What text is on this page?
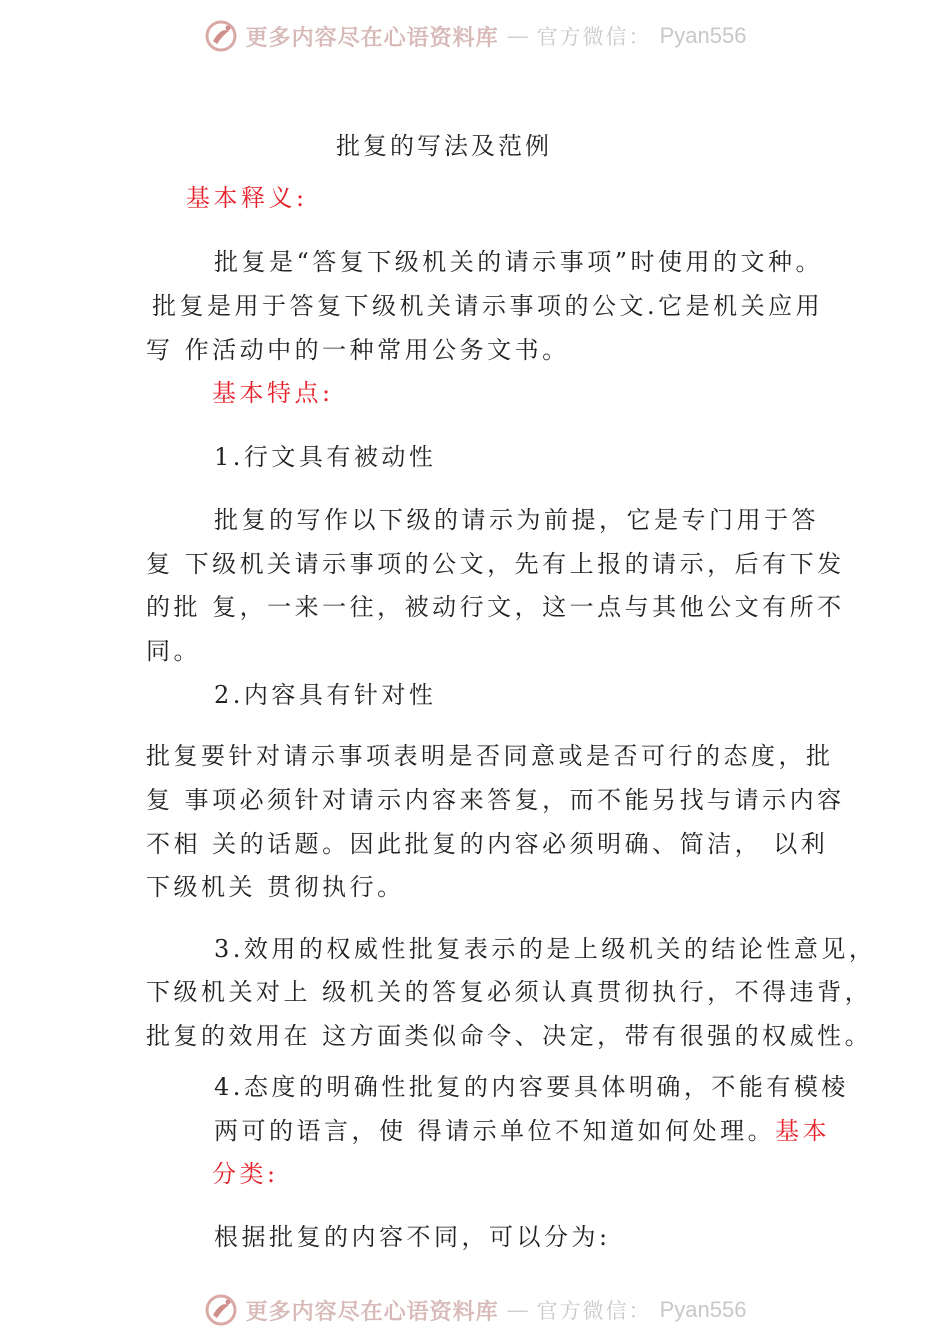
更多内容尽在心语资料库 — 官方微信： Pyan556
批复的写法及范例
基本释义:
批复是“答复下级机关的请示事项”时使用的文种。
批复是用于答复下级机关请示事项的公文.它是机关应用
写 作活动中的一种常用公务文书。
基本特点:
1.行文具有被动性
批复的写作以下级的请示为前提，它是专门用于答
复 下级机关请示事项的公文，先有上报的请示，后有下发
的批 复，一来一往，被动行文，这一点与其他公文有所不
同。
2.内容具有针对性
批复要针对请示事项表明是否同意或是否可行的态度，批
复 事项必须针对请示内容来答复，而不能另找与请示内容
不相 关的话题。因此批复的内容必须明确、简洁， 以利
下级机关 贯彻执行。
3.效用的权威性批复表示的是上级机关的结论性意见，
下级机关对上 级机关的答复必须认真贯彻执行，不得违背，
批复的效用在 这方面类似命令、决定，带有很强的权威性。
4.态度的明确性批复的内容要具体明确，不能有模棱
两可的语言，使 得请示单位不知道如何处理。基本
分类:
根据批复的内容不同，可以分为:
更多内容尽在心语资料库 — 官方微信： Pyan556
